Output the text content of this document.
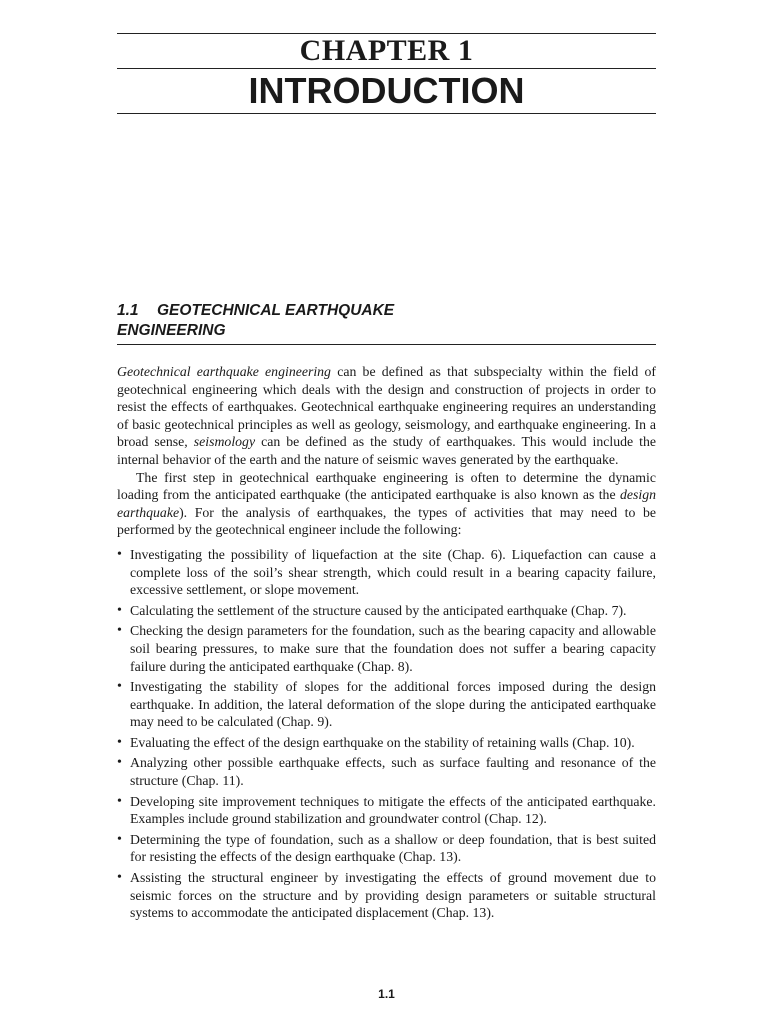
CHAPTER 1
INTRODUCTION
1.1 GEOTECHNICAL EARTHQUAKE
ENGINEERING

Geotechnical earthquake engineering can be defined as that subspecialty within the field of geotechnical engineering which deals with the design and construction of projects in order to resist the effects of earthquakes. Geotechnical earthquake engineering requires an understanding of basic geotechnical principles as well as geology, seismology, and earthquake engineering. In a broad sense, seismology can be defined as the study of earthquakes. This would include the internal behavior of the earth and the nature of seismic waves generated by the earthquake.

The first step in geotechnical earthquake engineering is often to determine the dynamic loading from the anticipated earthquake (the anticipated earthquake is also known as the design earthquake). For the analysis of earthquakes, the types of activities that may need to be performed by the geotechnical engineer include the following:

• Investigating the possibility of liquefaction at the site (Chap. 6). Liquefaction can cause a complete loss of the soil’s shear strength, which could result in a bearing capacity failure, excessive settlement, or slope movement.
• Calculating the settlement of the structure caused by the anticipated earthquake (Chap. 7).
• Checking the design parameters for the foundation, such as the bearing capacity and allowable soil bearing pressures, to make sure that the foundation does not suffer a bearing capacity failure during the anticipated earthquake (Chap. 8).
• Investigating the stability of slopes for the additional forces imposed during the design earthquake. In addition, the lateral deformation of the slope during the anticipated earthquake may need to be calculated (Chap. 9).
• Evaluating the effect of the design earthquake on the stability of retaining walls (Chap. 10).
• Analyzing other possible earthquake effects, such as surface faulting and resonance of the structure (Chap. 11).
• Developing site improvement techniques to mitigate the effects of the anticipated earthquake. Examples include ground stabilization and groundwater control (Chap. 12).
• Determining the type of foundation, such as a shallow or deep foundation, that is best suited for resisting the effects of the design earthquake (Chap. 13).
• Assisting the structural engineer by investigating the effects of ground movement due to seismic forces on the structure and by providing design parameters or suitable structural systems to accommodate the anticipated displacement (Chap. 13).
1.1
